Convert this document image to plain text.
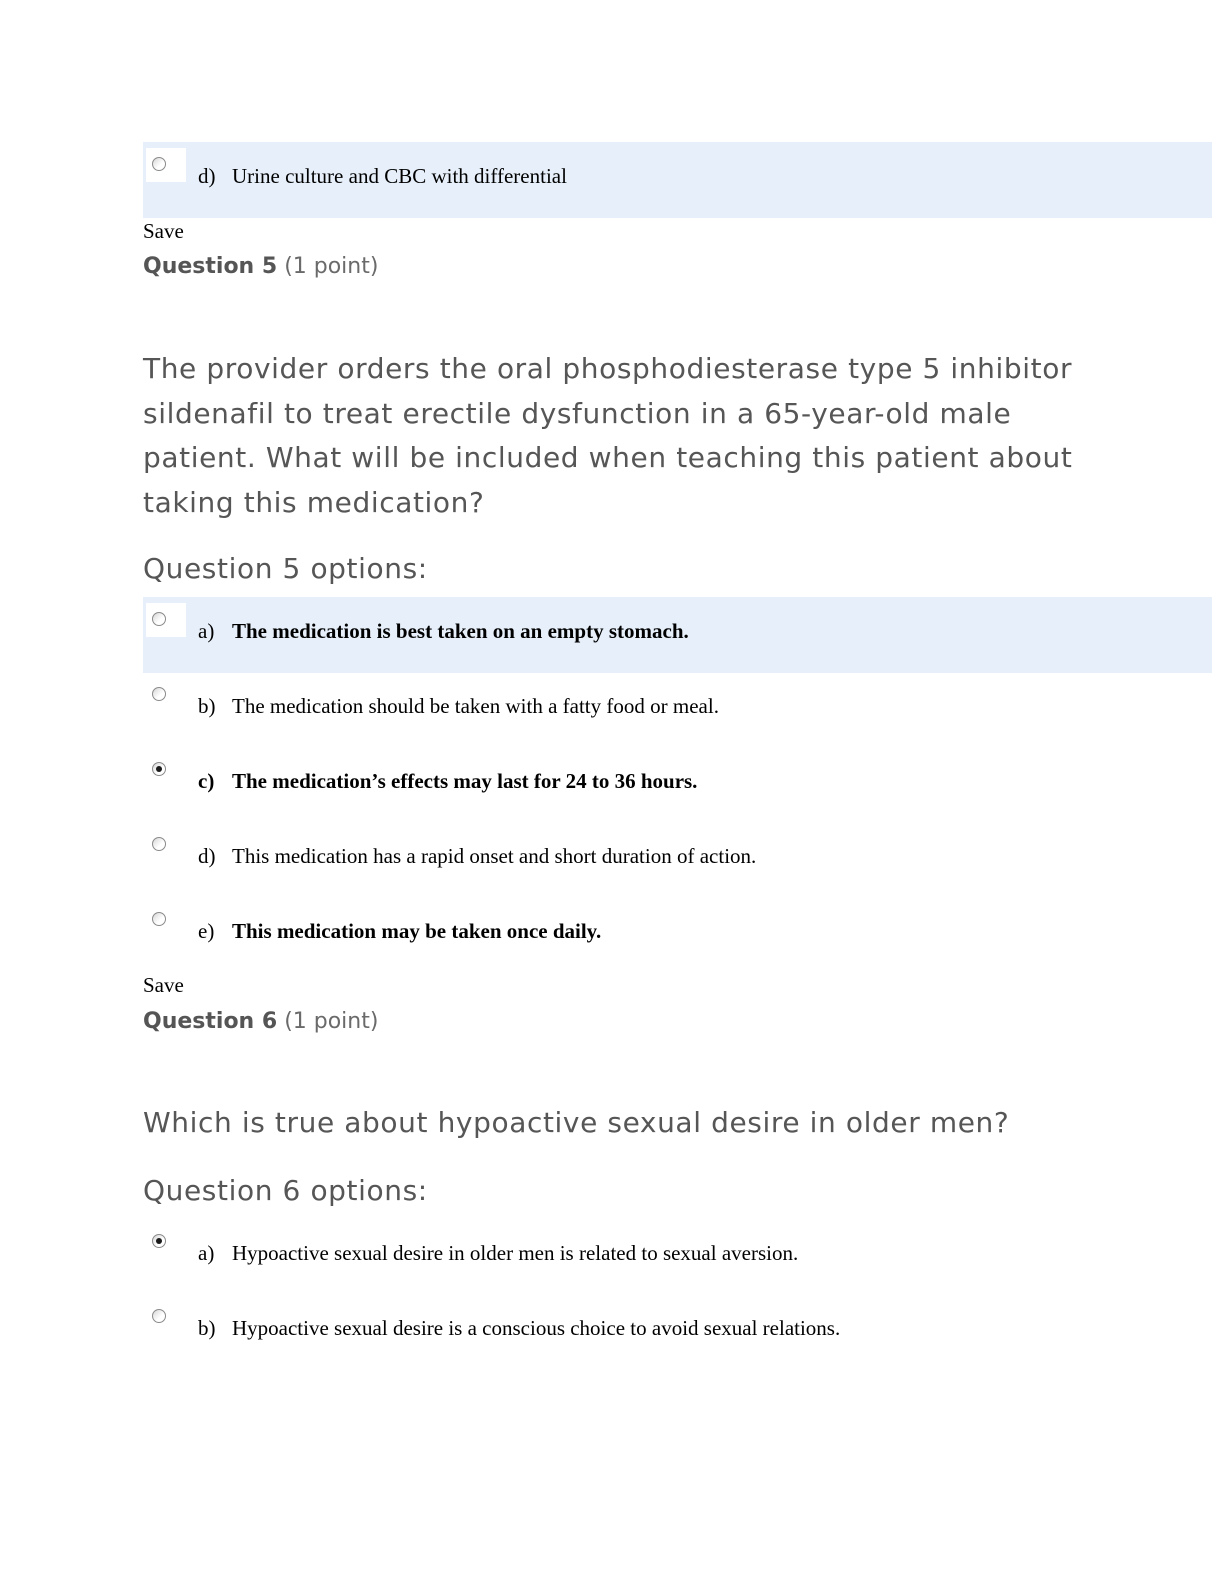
d) Urine culture and CBC with differential
Save
Question 5 (1 point)
The provider orders the oral phosphodiesterase type 5 inhibitor sildenafil to treat erectile dysfunction in a 65-year-old male patient. What will be included when teaching this patient about taking this medication?
Question 5 options:
a) The medication is best taken on an empty stomach.
b) The medication should be taken with a fatty food or meal.
c) The medication’s effects may last for 24 to 36 hours.
d) This medication has a rapid onset and short duration of action.
e) This medication may be taken once daily.
Save
Question 6 (1 point)
Which is true about hypoactive sexual desire in older men?
Question 6 options:
a) Hypoactive sexual desire in older men is related to sexual aversion.
b) Hypoactive sexual desire is a conscious choice to avoid sexual relations.
